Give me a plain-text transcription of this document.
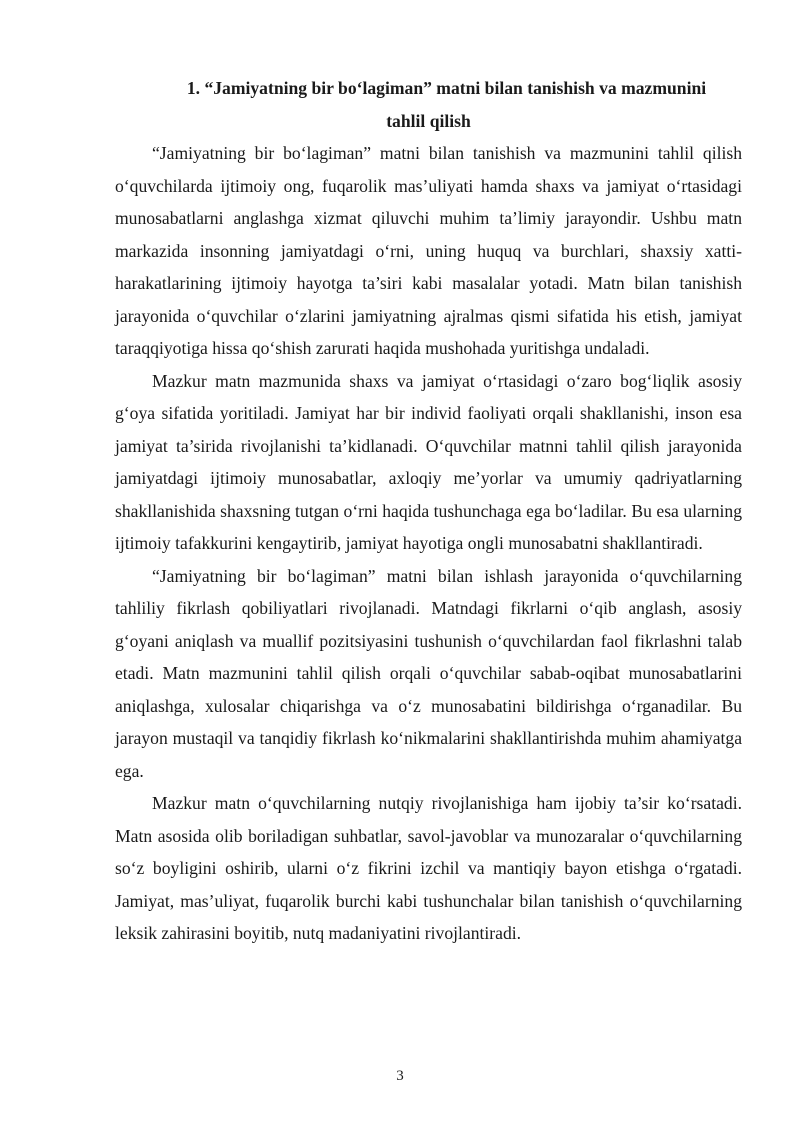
1. “Jamiyatning bir bo‘lagiman” matni bilan tanishish va mazmunini
tahlil qilish

“Jamiyatning bir bo‘lagiman” matni bilan tanishish va mazmunini tahlil qilish o‘quvchilarda ijtimoiy ong, fuqarolik mas’uliyati hamda shaxs va jamiyat o‘rtasidagi munosabatlarni anglashga xizmat qiluvchi muhim ta’limiy jarayondir. Ushbu matn markazida insonning jamiyatdagi o‘rni, uning huquq va burchlari, shaxsiy xatti-harakatlarining ijtimoiy hayotga ta’siri kabi masalalar yotadi. Matn bilan tanishish jarayonida o‘quvchilar o‘zlarini jamiyatning ajralmas qismi sifatida his etish, jamiyat taraqqiyotiga hissa qo‘shish zarurati haqida mushohada yuritishga undaladi.

Mazkur matn mazmunida shaxs va jamiyat o‘rtasidagi o‘zaro bog‘liqlik asosiy g‘oya sifatida yoritiladi. Jamiyat har bir individ faoliyati orqali shakllanishi, inson esa jamiyat ta’sirida rivojlanishi ta’kidlanadi. O‘quvchilar matnni tahlil qilish jarayonida jamiyatdagi ijtimoiy munosabatlar, axloqiy me’yorlar va umumiy qadriyatlarning shakllanishida shaxsning tutgan o‘rni haqida tushunchaga ega bo‘ladilar. Bu esa ularning ijtimoiy tafakkurini kengaytirib, jamiyat hayotiga ongli munosabatni shakllantiradi.

“Jamiyatning bir bo‘lagiman” matni bilan ishlash jarayonida o‘quvchilarning tahliliy fikrlash qobiliyatlari rivojlanadi. Matndagi fikrlarni o‘qib anglash, asosiy g‘oyani aniqlash va muallif pozitsiyasini tushunish o‘quvchilardan faol fikrlashni talab etadi. Matn mazmunini tahlil qilish orqali o‘quvchilar sabab-oqibat munosabatlarini aniqlashga, xulosalar chiqarishga va o‘z munosabatini bildirishga o‘rganadilar. Bu jarayon mustaqil va tanqidiy fikrlash ko‘nikmalarini shakllantirishda muhim ahamiyatga ega.

Mazkur matn o‘quvchilarning nutqiy rivojlanishiga ham ijobiy ta’sir ko‘rsatadi. Matn asosida olib boriladigan suhbatlar, savol-javoblar va munozaralar o‘quvchilarning so‘z boyligini oshirib, ularni o‘z fikrini izchil va mantiqiy bayon etishga o‘rgatadi. Jamiyat, mas’uliyat, fuqarolik burchi kabi tushunchalar bilan tanishish o‘quvchilarning leksik zahirasini boyitib, nutq madaniyatini rivojlantiradi.

3
